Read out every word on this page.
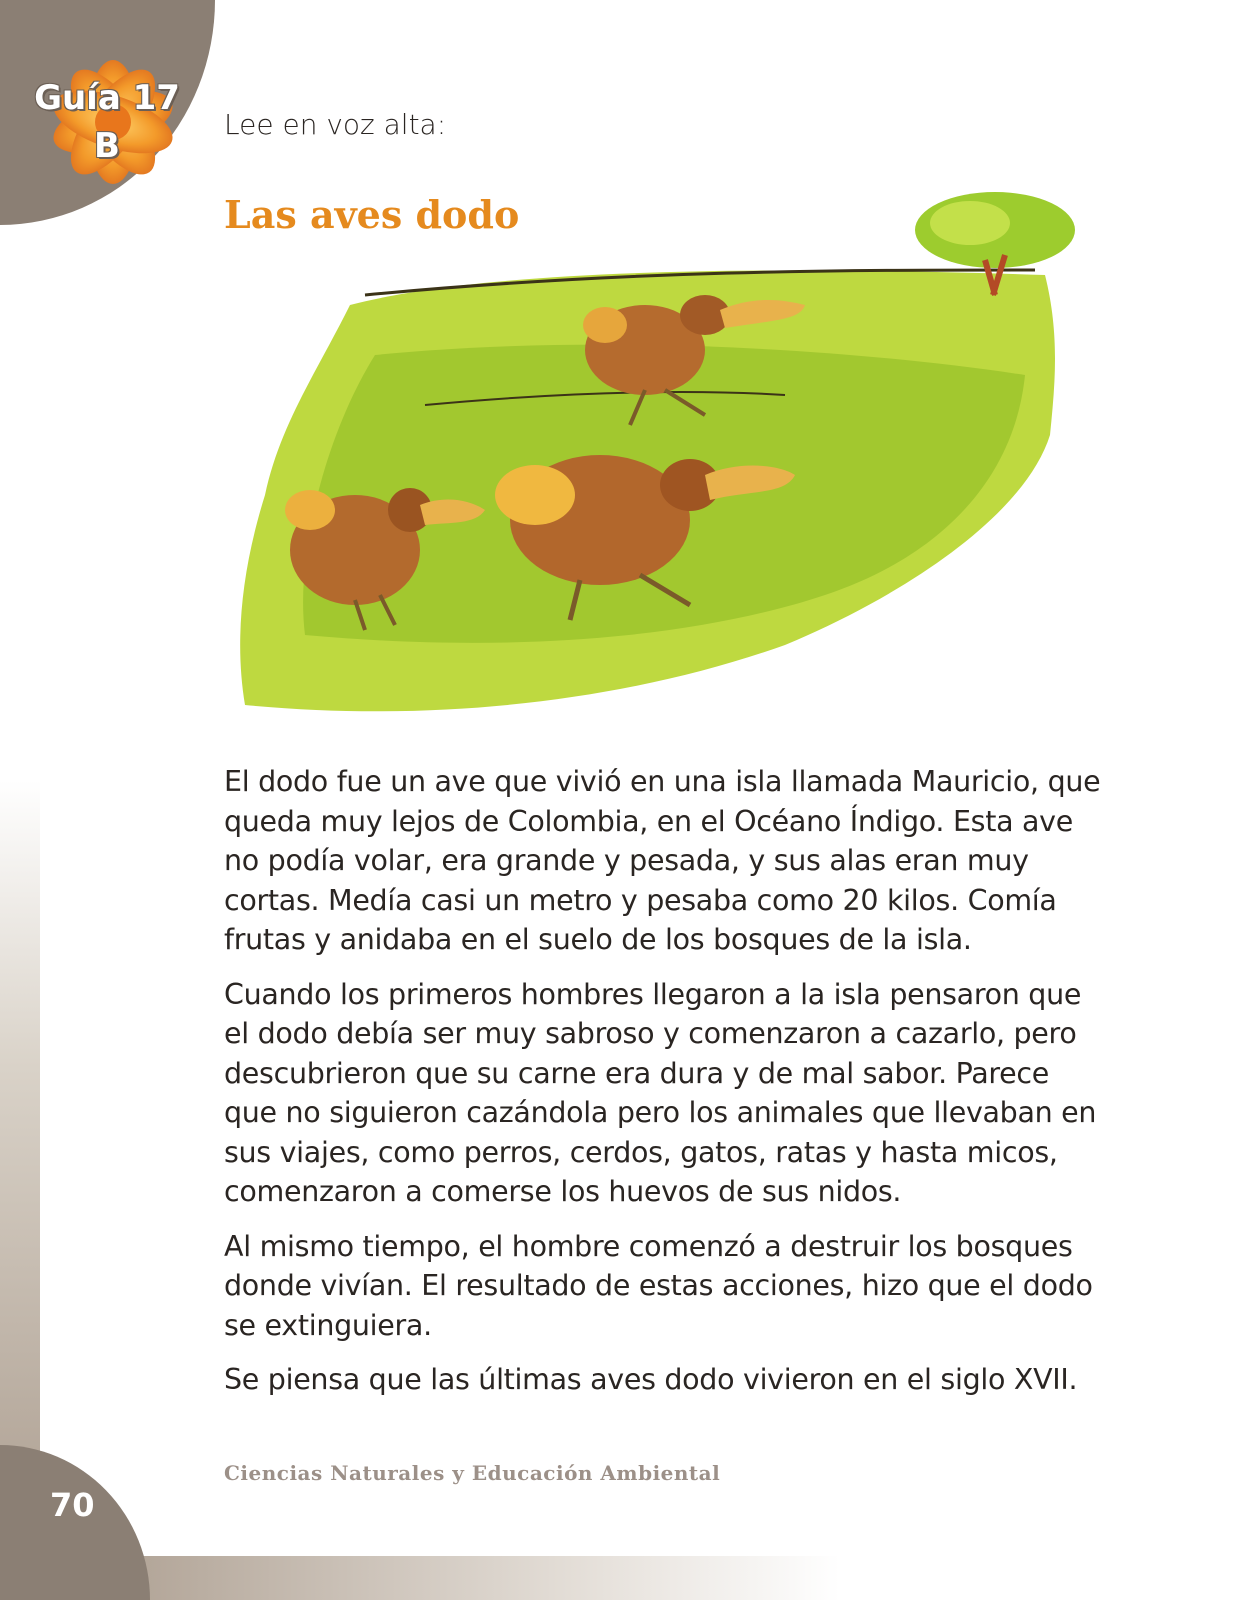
Guía 17
B
Lee en voz alta:
Las aves dodo

El dodo fue un ave que vivió en una isla llamada Mauricio, que queda muy lejos de Colombia, en el Océano Índigo. Esta ave no podía volar, era grande y pesada, y sus alas eran muy cortas. Medía casi un metro y pesaba como 20 kilos. Comía frutas y anidaba en el suelo de los bosques de la isla.

Cuando los primeros hombres llegaron a la isla pensaron que el dodo debía ser muy sabroso y comenzaron a cazarlo, pero descubrieron que su carne era dura y de mal sabor. Parece que no siguieron cazándola pero los animales que llevaban en sus viajes, como perros, cerdos, gatos, ratas y hasta micos, comenzaron a comerse los huevos de sus nidos.

Al mismo tiempo, el hombre comenzó a destruir los bosques donde vivían. El resultado de estas acciones, hizo que el dodo se extinguiera.

Se piensa que las últimas aves dodo vivieron en el siglo XVII.

Ciencias Naturales y Educación Ambiental
70
